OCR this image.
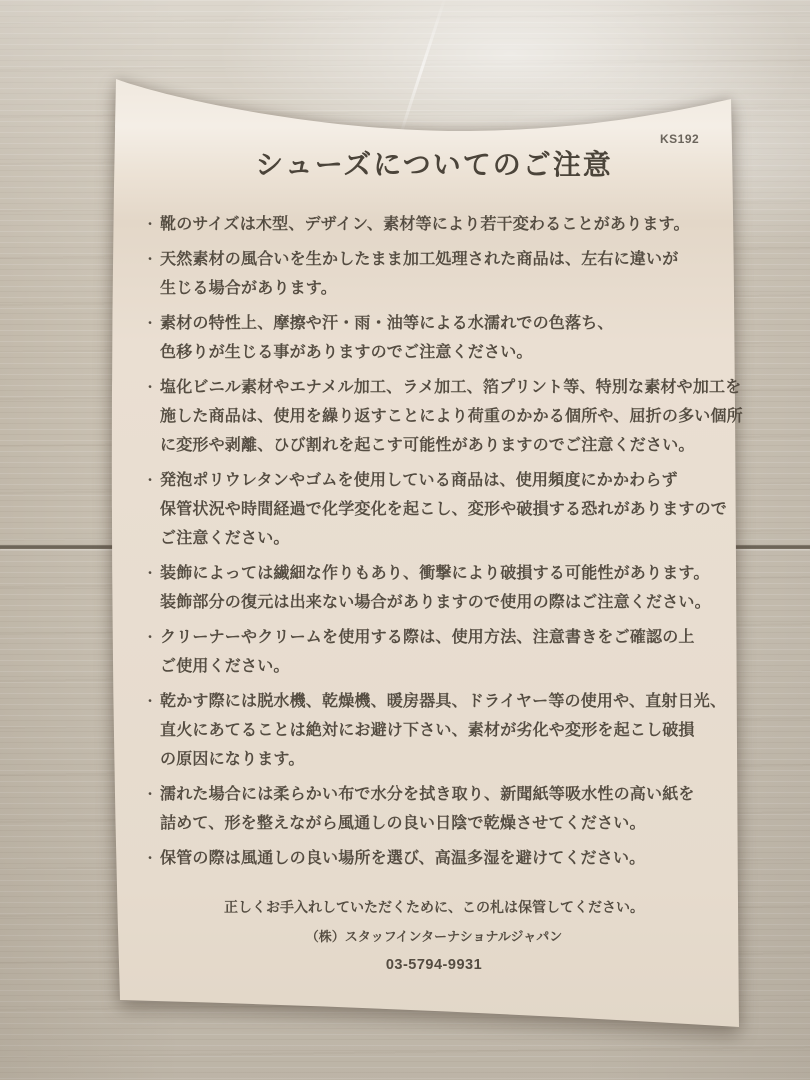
KS192
シューズについてのご注意
・ 靴のサイズは木型、デザイン、素材等により若干変わることがあります。
・ 天然素材の風合いを生かしたまま加工処理された商品は、左右に違いが
生じる場合があります。
・ 素材の特性上、摩擦や汗・雨・油等による水濡れでの色落ち、
色移りが生じる事がありますのでご注意ください。
・ 塩化ビニル素材やエナメル加工、ラメ加工、箔プリント等、特別な素材や加工を
施した商品は、使用を繰り返すことにより荷重のかかる個所や、屈折の多い個所
に変形や剥離、ひび割れを起こす可能性がありますのでご注意ください。
・ 発泡ポリウレタンやゴムを使用している商品は、使用頻度にかかわらず
保管状況や時間経過で化学変化を起こし、変形や破損する恐れがありますので
ご注意ください。
・ 装飾によっては繊細な作りもあり、衝撃により破損する可能性があります。
装飾部分の復元は出来ない場合がありますので使用の際はご注意ください。
・ クリーナーやクリームを使用する際は、使用方法、注意書きをご確認の上
ご使用ください。
・ 乾かす際には脱水機、乾燥機、暖房器具、ドライヤー等の使用や、直射日光、
直火にあてることは絶対にお避け下さい、素材が劣化や変形を起こし破損
の原因になります。
・ 濡れた場合には柔らかい布で水分を拭き取り、新聞紙等吸水性の高い紙を
詰めて、形を整えながら風通しの良い日陰で乾燥させてください。
・ 保管の際は風通しの良い場所を選び、高温多湿を避けてください。
正しくお手入れしていただくために、この札は保管してください。
（株）スタッフインターナショナルジャパン
03-5794-9931
